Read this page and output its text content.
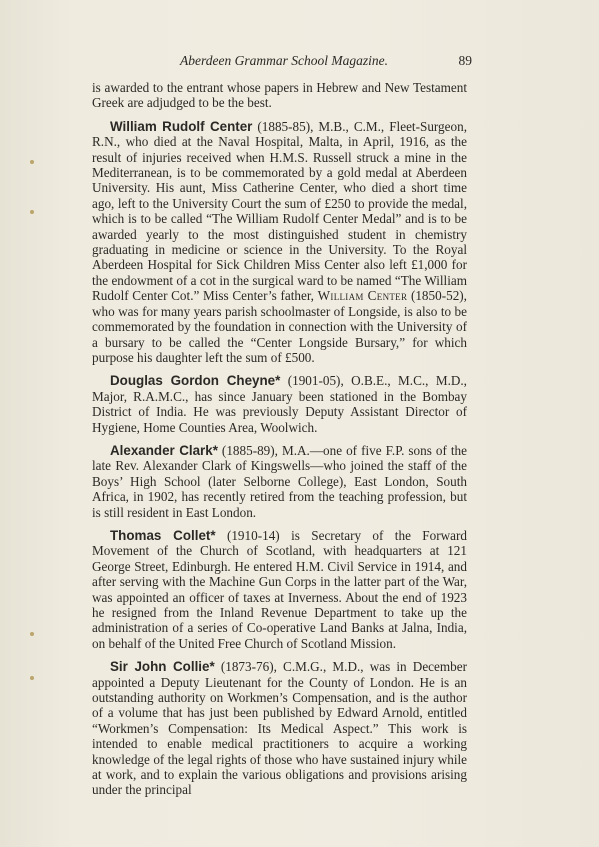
Aberdeen Grammar School Magazine.	89

is awarded to the entrant whose papers in Hebrew and New Testament Greek are adjudged to be the best.

William Rudolf Center (1885-85), M.B., C.M., Fleet-Surgeon, R.N., who died at the Naval Hospital, Malta, in April, 1916, as the result of injuries received when H.M.S. Russell struck a mine in the Mediterranean, is to be commemorated by a gold medal at Aberdeen University. His aunt, Miss Catherine Center, who died a short time ago, left to the University Court the sum of £250 to provide the medal, which is to be called “The William Rudolf Center Medal” and is to be awarded yearly to the most distinguished student in chemistry graduating in medicine or science in the University. To the Royal Aberdeen Hospital for Sick Children Miss Center also left £1,000 for the endowment of a cot in the surgical ward to be named “The William Rudolf Center Cot.” Miss Center’s father, William Center (1850-52), who was for many years parish schoolmaster of Longside, is also to be commemorated by the foundation in connection with the University of a bursary to be called the “Center Longside Bursary,” for which purpose his daughter left the sum of £500.

Douglas Gordon Cheyne* (1901-05), O.B.E., M.C., M.D., Major, R.A.M.C., has since January been stationed in the Bombay District of India. He was previously Deputy Assistant Director of Hygiene, Home Counties Area, Woolwich.

Alexander Clark* (1885-89), M.A.—one of five F.P. sons of the late Rev. Alexander Clark of Kingswells—who joined the staff of the Boys’ High School (later Selborne College), East London, South Africa, in 1902, has recently retired from the teaching profession, but is still resident in East London.

Thomas Collet* (1910-14) is Secretary of the Forward Movement of the Church of Scotland, with headquarters at 121 George Street, Edinburgh. He entered H.M. Civil Service in 1914, and after serving with the Machine Gun Corps in the latter part of the War, was appointed an officer of taxes at Inverness. About the end of 1923 he resigned from the Inland Revenue Department to take up the administration of a series of Co-operative Land Banks at Jalna, India, on behalf of the United Free Church of Scotland Mission.

Sir John Collie* (1873-76), C.M.G., M.D., was in December appointed a Deputy Lieutenant for the County of London. He is an outstanding authority on Workmen’s Compensation, and is the author of a volume that has just been published by Edward Arnold, entitled “Workmen’s Compensation: Its Medical Aspect.” This work is intended to enable medical practitioners to acquire a working knowledge of the legal rights of those who have sustained injury while at work, and to explain the various obligations and provisions arising under the principal
